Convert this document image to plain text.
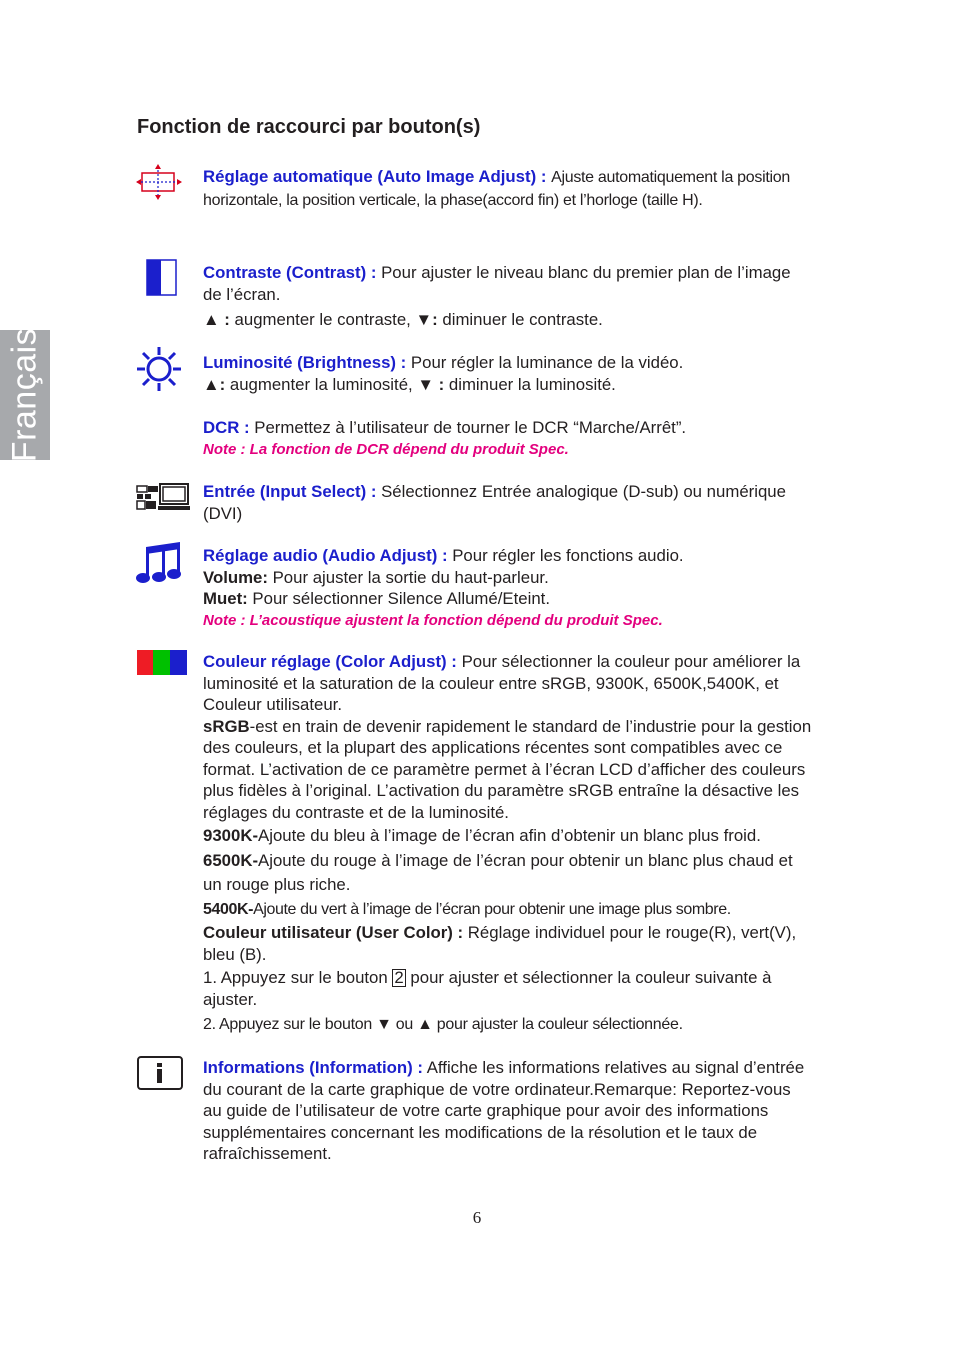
Français
Fonction de raccourci par bouton(s)
Réglage automatique (Auto Image Adjust) : Ajuste automatiquement la position horizontale, la position verticale, la phase(accord fin) et l’horloge (taille H).

Contraste (Contrast) : Pour ajuster le niveau blanc du premier plan de l’image de l’écran.

▲ : augmenter le contraste, ▼: diminuer le contraste.

Luminosité (Brightness) : Pour régler la luminance de la vidéo.

▲: augmenter la luminosité, ▼ : diminuer la luminosité.

DCR : Permettez à l’utilisateur de tourner le DCR “Marche/Arrêt”.

Note : La fonction de DCR dépend du produit Spec.

Entrée (Input Select) : Sélectionnez Entrée analogique (D-sub) ou numérique (DVI)

Réglage audio (Audio Adjust) : Pour régler les fonctions audio.

Volume: Pour ajuster la sortie du haut-parleur.

Muet: Pour sélectionner Silence Allumé/Eteint.

Note : L’acoustique ajustent la fonction dépend du produit Spec.

Couleur réglage (Color Adjust) : Pour sélectionner la couleur pour améliorer la luminosité et la saturation de la couleur entre sRGB, 9300K, 6500K,5400K, et Couleur utilisateur.

sRGB-est en train de devenir rapidement le standard de l’industrie pour la gestion des couleurs, et la plupart des applications récentes sont compatibles avec ce format. L’activation de ce paramètre permet à l’écran LCD d’afficher des couleurs plus fidèles à l’original. L’activation du paramètre sRGB entraîne la désactive les réglages du contraste et de la luminosité.

9300K-Ajoute du bleu à l’image de l’écran afin d’obtenir un blanc plus froid.

6500K-Ajoute du rouge à l’image de l’écran pour obtenir un blanc plus chaud et un rouge plus riche.

5400K-Ajoute du vert à l’image de l’écran pour obtenir une image plus sombre.

Couleur utilisateur (User Color) : Réglage individuel pour le rouge(R), vert(V), bleu (B).

1. Appuyez sur le bouton 2 pour ajuster et sélectionner la couleur suivante à ajuster.

2. Appuyez sur le bouton ▼ ou ▲ pour ajuster la couleur sélectionnée.

Informations (Information) : Affiche les informations relatives au signal d’entrée du courant de la carte graphique de votre ordinateur.Remarque: Reportez-vous au guide de l’utilisateur de votre carte graphique pour avoir des informations supplémentaires concernant les modifications de la résolution et le taux de rafraîchissement.
6
